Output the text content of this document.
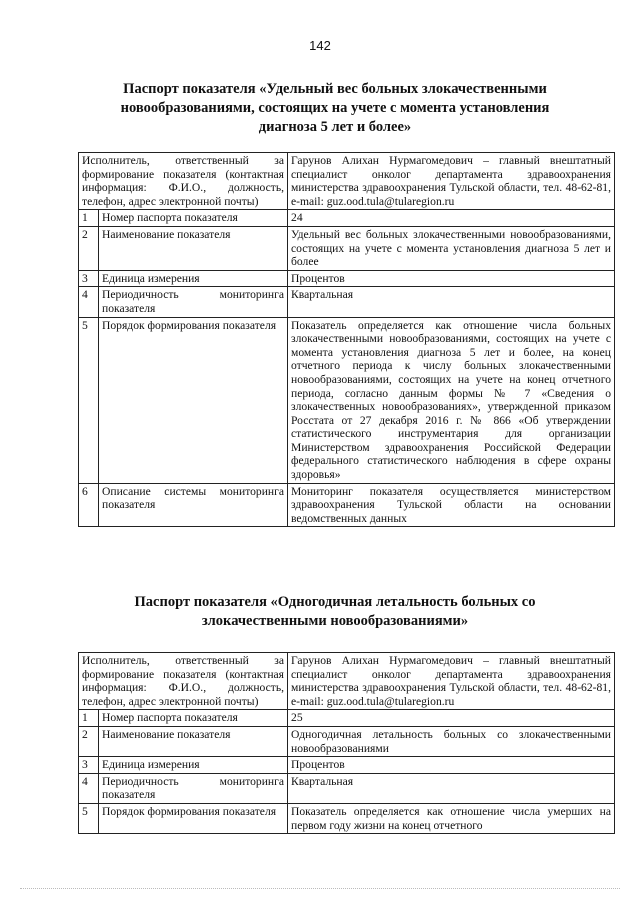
142
Паспорт показателя «Удельный вес больных злокачественными новообразованиями, состоящих на учете с момента установления диагноза 5 лет и более»
Исполнитель, ответственный за формирование показателя (контактная информация: Ф.И.О., должность, телефон, адрес электронной почты)		Гарунов Алихан Нурмагомедович – главный внештатный специалист онколог департамента здравоохранения министерства здравоохранения Тульской области, тел. 48-62-81, e-mail: guz.ood.tula@tularegion.ru
1	Номер паспорта показателя	24
2	Наименование показателя	Удельный вес больных злокачественными новообразованиями, состоящих на учете с момента установления диагноза 5 лет и более
3	Единица измерения	Процентов
4	Периодичность мониторинга показателя	Квартальная
5	Порядок формирования показателя	Показатель определяется как отношение числа больных злокачественными новообразованиями, состоящих на учете с момента установления диагноза 5 лет и более, на конец отчетного периода к числу больных злокачественными новообразованиями, состоящих на учете на конец отчетного периода, согласно данным формы № 7 «Сведения о злокачественных новообразованиях», утвержденной приказом Росстата от 27 декабря 2016 г. № 866 «Об утверждении статистического инструментария для организации Министерством здравоохранения Российской Федерации федерального статистического наблюдения в сфере охраны здоровья»
6	Описание системы мониторинга показателя	Мониторинг показателя осуществляется министерством здравоохранения Тульской области на основании ведомственных данных
Паспорт показателя «Одногодичная летальность больных со злокачественными новообразованиями»
Исполнитель, ответственный за формирование показателя (контактная информация: Ф.И.О., должность, телефон, адрес электронной почты)		Гарунов Алихан Нурмагомедович – главный внештатный специалист онколог департамента здравоохранения министерства здравоохранения Тульской области, тел. 48-62-81, e-mail: guz.ood.tula@tularegion.ru
1	Номер паспорта показателя	25
2	Наименование показателя	Одногодичная летальность больных со злокачественными новообразованиями
3	Единица измерения	Процентов
4	Периодичность мониторинга показателя	Квартальная
5	Порядок формирования показателя	Показатель определяется как отношение числа умерших на первом году жизни на конец отчетного
